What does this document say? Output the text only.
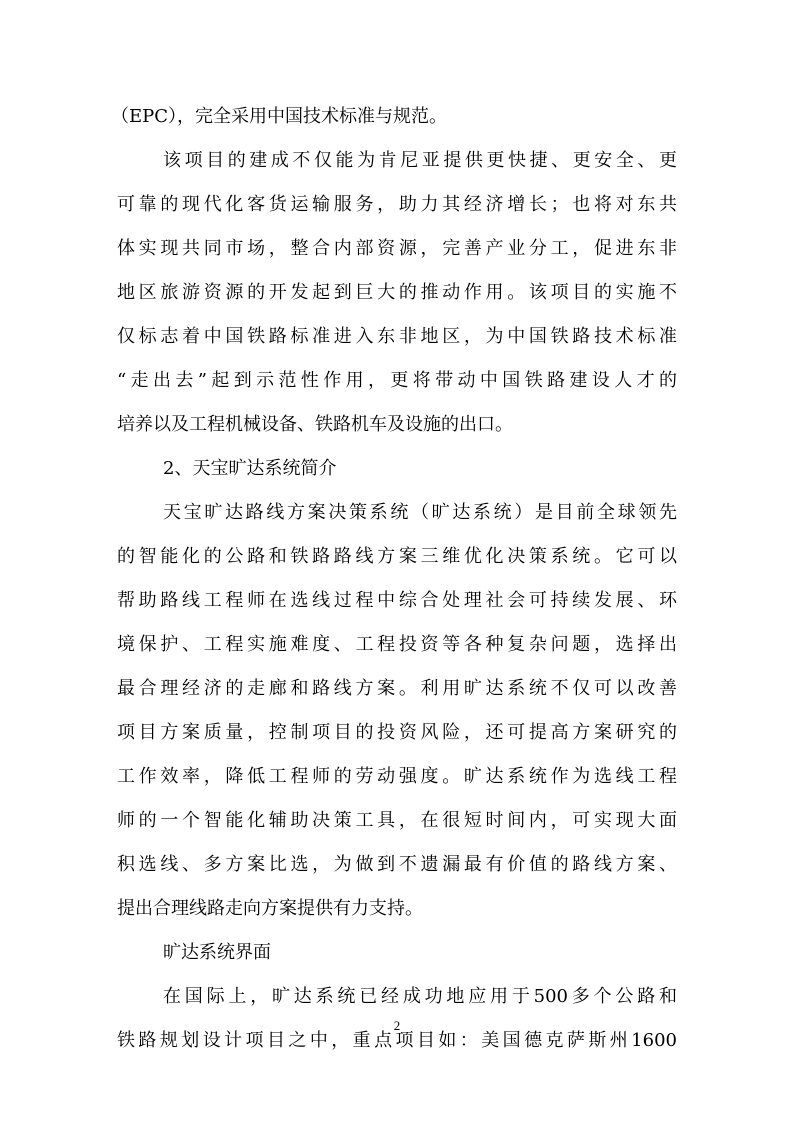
（EPC），完全采用中国技术标准与规范。
该项目的建成不仅能为肯尼亚提供更快捷、更安全、更
可靠的现代化客货运输服务，助力其经济增长；也将对东共
体实现共同市场，整合内部资源，完善产业分工，促进东非
地区旅游资源的开发起到巨大的推动作用。该项目的实施不
仅标志着中国铁路标准进入东非地区，为中国铁路技术标准
“走出去”起到示范性作用，更将带动中国铁路建设人才的
培养以及工程机械设备、铁路机车及设施的出口。
2、天宝旷达系统简介
天宝旷达路线方案决策系统（旷达系统）是目前全球领先
的智能化的公路和铁路路线方案三维优化决策系统。它可以
帮助路线工程师在选线过程中综合处理社会可持续发展、环
境保护、工程实施难度、工程投资等各种复杂问题，选择出
最合理经济的走廊和路线方案。利用旷达系统不仅可以改善
项目方案质量，控制项目的投资风险，还可提高方案研究的
工作效率，降低工程师的劳动强度。旷达系统作为选线工程
师的一个智能化辅助决策工具，在很短时间内，可实现大面
积选线、多方案比选，为做到不遗漏最有价值的路线方案、
提出合理线路走向方案提供有力支持。
旷达系统界面
在国际上，旷达系统已经成功地应用于500多个公路和
铁路规划设计项目之中，重点项目如：美国德克萨斯州1600
2
